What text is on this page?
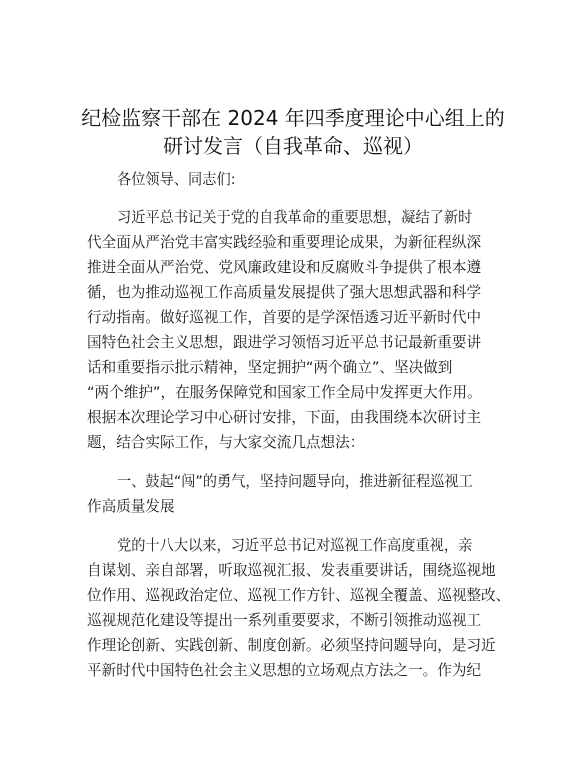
纪检监察干部在 2024 年四季度理论中心组上的
研讨发言（自我革命、巡视）
各位领导、同志们:
习近平总书记关于党的自我革命的重要思想，凝结了新时
代全面从严治党丰富实践经验和重要理论成果，为新征程纵深
推进全面从严治党、党风廉政建设和反腐败斗争提供了根本遵
循，也为推动巡视工作高质量发展提供了强大思想武器和科学
行动指南。做好巡视工作，首要的是学深悟透习近平新时代中
国特色社会主义思想，跟进学习领悟习近平总书记最新重要讲
话和重要指示批示精神，坚定拥护“两个确立”、坚决做到
“两个维护”，在服务保障党和国家工作全局中发挥更大作用。
根据本次理论学习中心研讨安排，下面，由我围绕本次研讨主
题，结合实际工作，与大家交流几点想法：
一、鼓起“闯”的勇气，坚持问题导向，推进新征程巡视工
作高质量发展
党的十八大以来，习近平总书记对巡视工作高度重视，亲
自谋划、亲自部署，听取巡视汇报、发表重要讲话，围绕巡视地
位作用、巡视政治定位、巡视工作方针、巡视全覆盖、巡视整改、
巡视规范化建设等提出一系列重要要求，不断引领推动巡视工
作理论创新、实践创新、制度创新。必须坚持问题导向，是习近
平新时代中国特色社会主义思想的立场观点方法之一。作为纪
